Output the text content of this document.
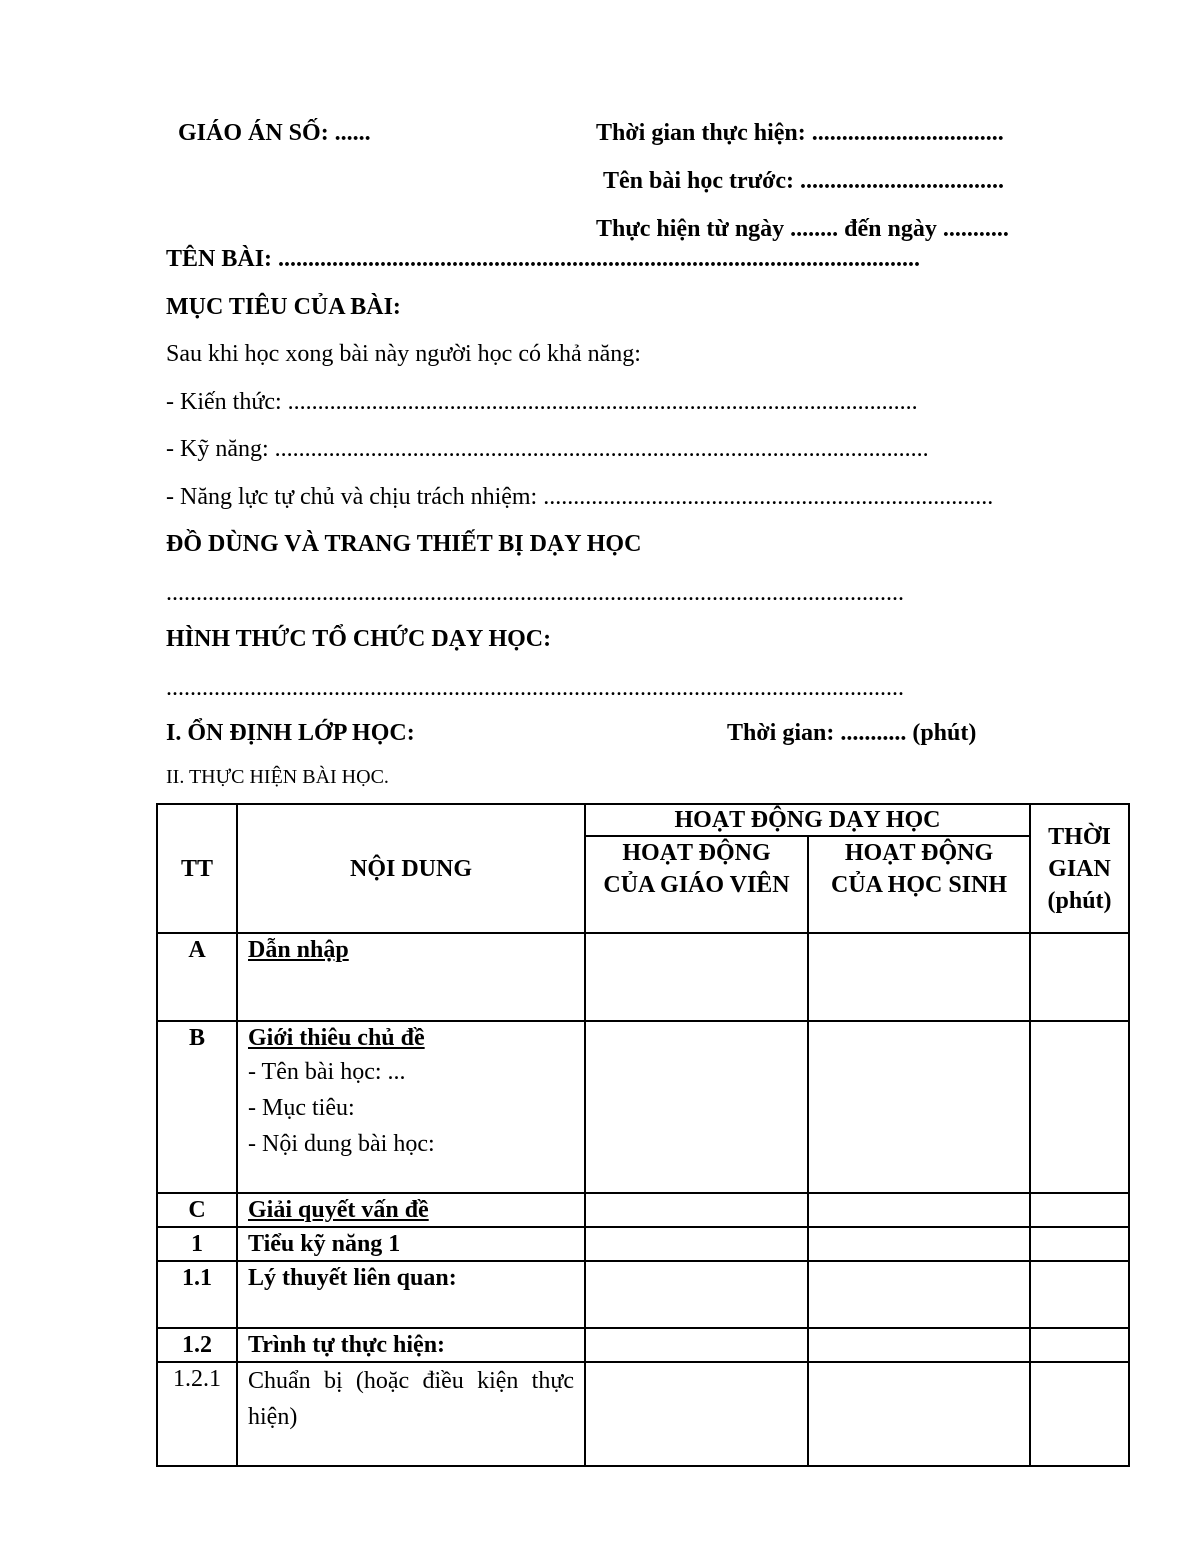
GIÁO ÁN SỐ: ......	Thời gian thực hiện: ................................
Tên bài học trước: ..................................
Thực hiện từ ngày ........ đến ngày ...........
TÊN BÀI: ...........................................................................................................
MỤC TIÊU CỦA BÀI:
Sau khi học xong bài này người học có khả năng:
- Kiến thức: .........................................................................................................
- Kỹ năng: .............................................................................................................
- Năng lực tự chủ và chịu trách nhiệm: ...........................................................................
ĐỒ DÙNG VÀ TRANG THIẾT BỊ DẠY HỌC
...........................................................................................................................
HÌNH THỨC TỔ CHỨC DẠY HỌC:
...........................................................................................................................
I. ỔN ĐỊNH LỚP HỌC:	Thời gian: ........... (phút)
II. THỰC HIỆN BÀI HỌC.
TT	NỘI DUNG	HOẠT ĐỘNG DẠY HỌC		THỜI GIAN (phút)
		HOẠT ĐỘNG CỦA GIÁO VIÊN	HOẠT ĐỘNG CỦA HỌC SINH	
A	Dẫn nhập			
B	Giới thiêu chủ đề
- Tên bài học: ...
- Mục tiêu:
- Nội dung bài học:			

C	Giải quyết vấn đề			
1	Tiểu kỹ năng 1			
1.1	Lý thuyết liên quan:			
1.2	Trình tự thực hiện:			
1.2.1	Chuẩn bị (hoặc điều kiện thực hiện)			
